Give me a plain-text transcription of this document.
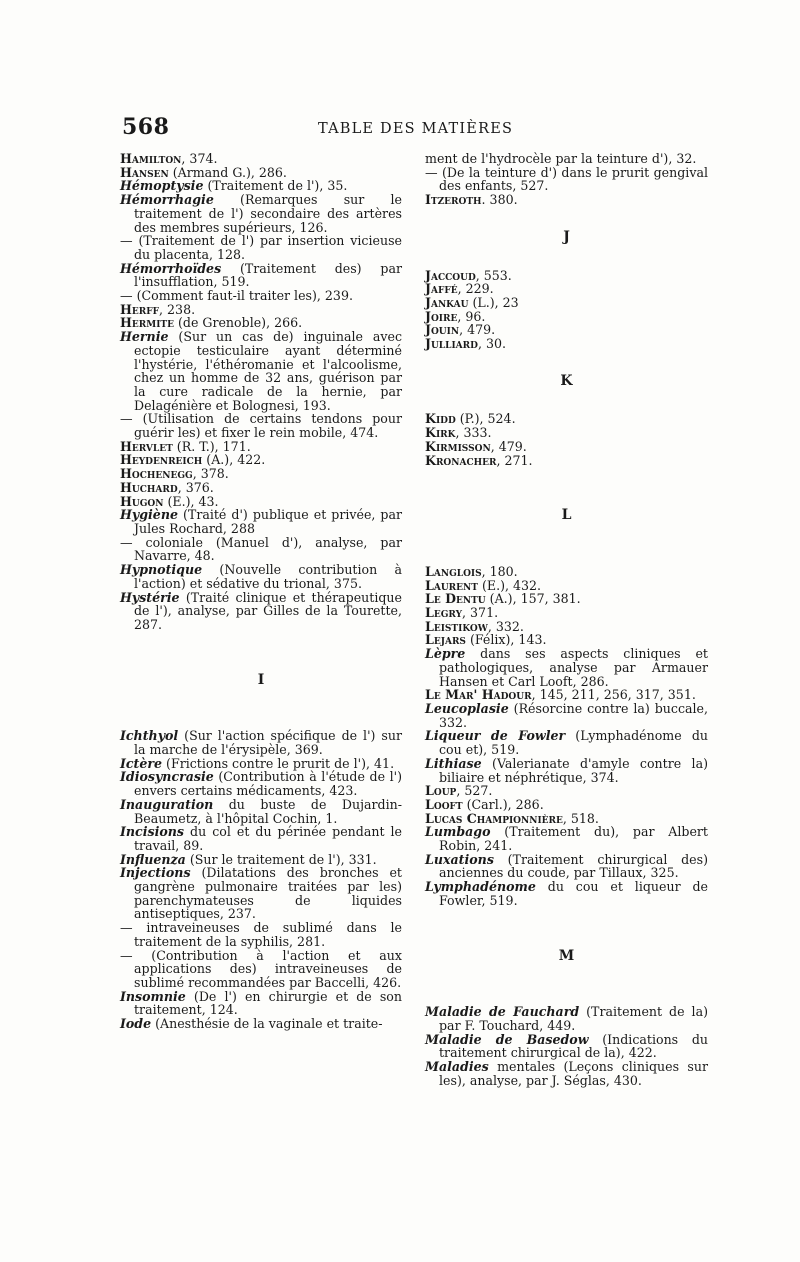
568	TABLE DES MATIÈRES

Hamilton, 374.

Hansen (Armand G.), 286.

Hémoptysie (Traitement de l'), 35.

Hémorrhagie (Remarques sur le traitement de l') secondaire des artères des membres supérieurs, 126.

— (Traitement de l') par insertion vicieuse du placenta, 128.

Hémorrhoïdes (Traitement des) par l'insufflation, 519.

— (Comment faut-il traiter les), 239.

Herff, 238.

Hermite (de Grenoble), 266.

Hernie (Sur un cas de) inguinale avec ectopie testiculaire ayant déterminé l'hystérie, l'éthéromanie et l'alcoolisme, chez un homme de 32 ans, guérison par la cure radicale de la hernie, par Delagénière et Bolognesi, 193.

— (Utilisation de certains tendons pour guérir les) et fixer le rein mobile, 474.

Hervlet (R. T.), 171.

Heydenreich (A.), 422.

Hochenegg, 378.

Huchard, 376.

Hugon (E.), 43.

Hygiène (Traité d') publique et privée, par Jules Rochard, 288

— coloniale (Manuel d'), analyse, par Navarre, 48.

Hypnotique (Nouvelle contribution à l'action) et sédative du trional, 375.

Hystérie (Traité clinique et thérapeutique de l'), analyse, par Gilles de la Tourette, 287.

I

Ichthyol (Sur l'action spécifique de l') sur la marche de l'érysipèle, 369.

Ictère (Frictions contre le prurit de l'), 41.

Idiosyncrasie (Contribution à l'étude de l') envers certains médicaments, 423.

Inauguration du buste de Dujardin-Beaumetz, à l'hôpital Cochin, 1.

Incisions du col et du périnée pendant le travail, 89.

Influenza (Sur le traitement de l'), 331.

Injections (Dilatations des bronches et gangrène pulmonaire traitées par les) parenchymateuses de liquides antiseptiques, 237.

— intraveineuses de sublimé dans le traitement de la syphilis, 281.

— (Contribution à l'action et aux applications des) intraveineuses de sublimé recommandées par Baccelli, 426.

Insomnie (De l') en chirurgie et de son traitement, 124.

Iode (Anesthésie de la vaginale et traite-

ment de l'hydrocèle par la teinture d'), 32.

— (De la teinture d') dans le prurit gengival des enfants, 527.

Itzeroth. 380.

J

Jaccoud, 553.

Jaffé, 229.

Jankau (L.), 23

Joire, 96.

Jouin, 479.

Julliard, 30.

K

Kidd (P.), 524.

Kirk, 333.

Kirmisson, 479.

Kronacher, 271.

L

Langlois, 180.

Laurent (E.), 432.

Le Dentu (A.), 157, 381.

Legry, 371.

Leistikow, 332.

Lejars (Félix), 143.

Lèpre dans ses aspects cliniques et pathologiques, analyse par Armauer Hansen et Carl Looft, 286.

Le Mar' Hadour, 145, 211, 256, 317, 351.

Leucoplasie (Résorcine contre la) buccale, 332.

Liqueur de Fowler (Lymphadénome du cou et), 519.

Lithiase (Valerianate d'amyle contre la) biliaire et néphrétique, 374.

Loup, 527.

Looft (Carl.), 286.

Lucas Championnière, 518.

Lumbago (Traitement du), par Albert Robin, 241.

Luxations (Traitement chirurgical des) anciennes du coude, par Tillaux, 325.

Lymphadénome du cou et liqueur de Fowler, 519.

M

Maladie de Fauchard (Traitement de la) par F. Touchard, 449.

Maladie de Basedow (Indications du traitement chirurgical de la), 422.

Maladies mentales (Leçons cliniques sur les), analyse, par J. Séglas, 430.
